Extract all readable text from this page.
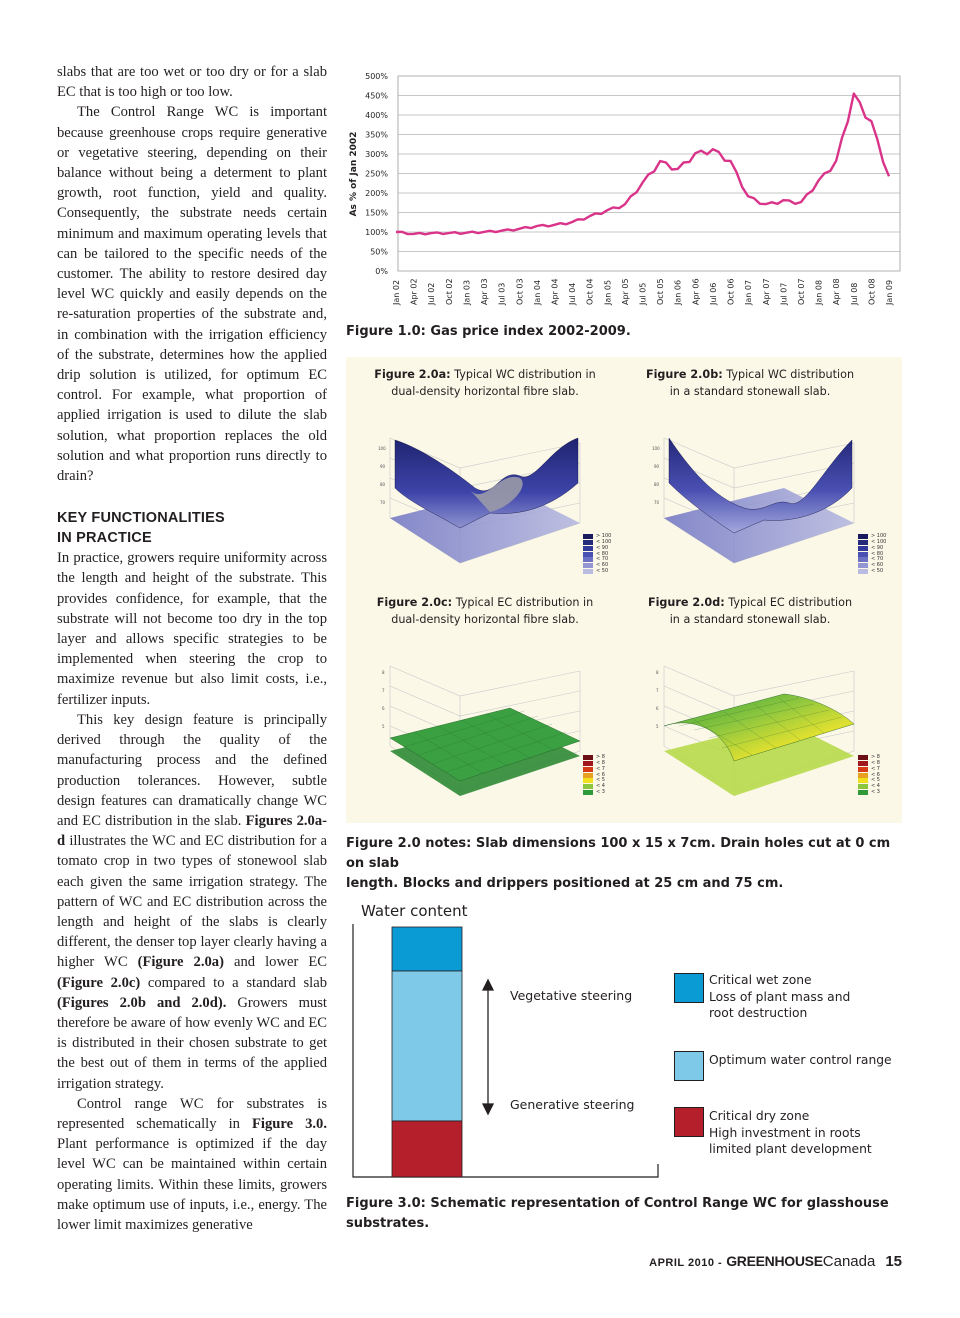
slabs that are too wet or too dry or for a slab EC that is too high or too low.

The Control Range WC is important because greenhouse crops require generative or vegetative steering, depending on their balance without being a determent to plant growth, root function, yield and quality. Consequently, the substrate needs certain minimum and maximum operating levels that can be tailored to the specific needs of the customer. The ability to restore desired day level WC quickly and easily depends on the re-saturation properties of the substrate and, in combination with the irrigation efficiency of the substrate, determines how the applied drip solution is utilized, for optimum EC control. For example, what proportion of applied irrigation is used to dilute the slab solution, what proportion replaces the old solution and what proportion runs directly to drain?

KEY FUNCTIONALITIES
IN PRACTICE

In practice, growers require uniformity across the length and height of the substrate. This provides confidence, for example, that the substrate will not become too dry in the top layer and allows specific strategies to be implemented when steering the crop to maximize revenue but also limit costs, i.e., fertilizer inputs.

This key design feature is principally derived through the quality of the manufacturing process and the defined production tolerances. However, subtle design features can dramatically change WC and EC distribution in the slab. Figures 2.0a-d illustrates the WC and EC distribution for a tomato crop in two types of stonewool slab each given the same irrigation strategy. The pattern of WC and EC distribution across the length and height of the slabs is clearly different, the denser top layer clearly having a higher WC (Figure 2.0a) and lower EC (Figure 2.0c) compared to a standard slab (Figures 2.0b and 2.0d). Growers must therefore be aware of how evenly WC and EC is distributed in their chosen substrate to get the best out of them in terms of the applied irrigation strategy.

Control range WC for substrates is represented schematically in Figure 3.0. Plant performance is optimized if the day level WC can be maintained within certain operating limits. Within these limits, growers make optimum use of inputs, i.e., energy. The lower limit maximizes generative

0%
50%
100%
150%
200%
250%
300%
350%
400%
450%
500%
Jan 02 Apr 02 Jul 02 Oct 02 Jan 03 Apr 03 Jul 03 Oct 03 Jan 04 Apr 04 Jul 04 Oct 04 Jan 05 Apr 05 Jul 05 Oct 05 Jan 06 Apr 06 Jul 06 Oct 06 Jan 07 Apr 07 Jul 07 Oct 07 Jan 08 Apr 08 Jul 08 Oct 08 Jan 09
As % of Jan 2002
Figure 1.0: Gas price index 2002-2009.
Figure 2.0a: Typical WC distribution in
dual-density horizontal fibre slab.
Figure 2.0b: Typical WC distribution
in a standard stonewall slab.
Figure 2.0c: Typical EC distribution in
dual-density horizontal fibre slab.
Figure 2.0d: Typical EC distribution
in a standard stonewall slab.
100
90
80
70
> 100
< 100
< 90
< 80
< 70
< 60
< 50
100
90
80
70
> 100
< 100
< 90
< 80
< 70
< 60
< 50
8
7
6
5
> 8
< 8
< 7
< 6
< 5
< 4
< 3
8
7
6
5
> 8
< 8
< 7
< 6
< 5
< 4
< 3
Figure 2.0 notes: Slab dimensions 100 x 15 x 7cm. Drain holes cut at 0 cm on slab
length. Blocks and drippers positioned at 25 cm and 75 cm.
Water content
Vegetative steering
Generative steering
Critical wet zone
Loss of plant mass and
root destruction
Optimum water control range
Critical dry zone
High investment in roots
limited plant development
Figure 3.0: Schematic representation of Control Range WC for glasshouse
substrates.
APRIL 2010 - GREENHOUSE Canada 15
